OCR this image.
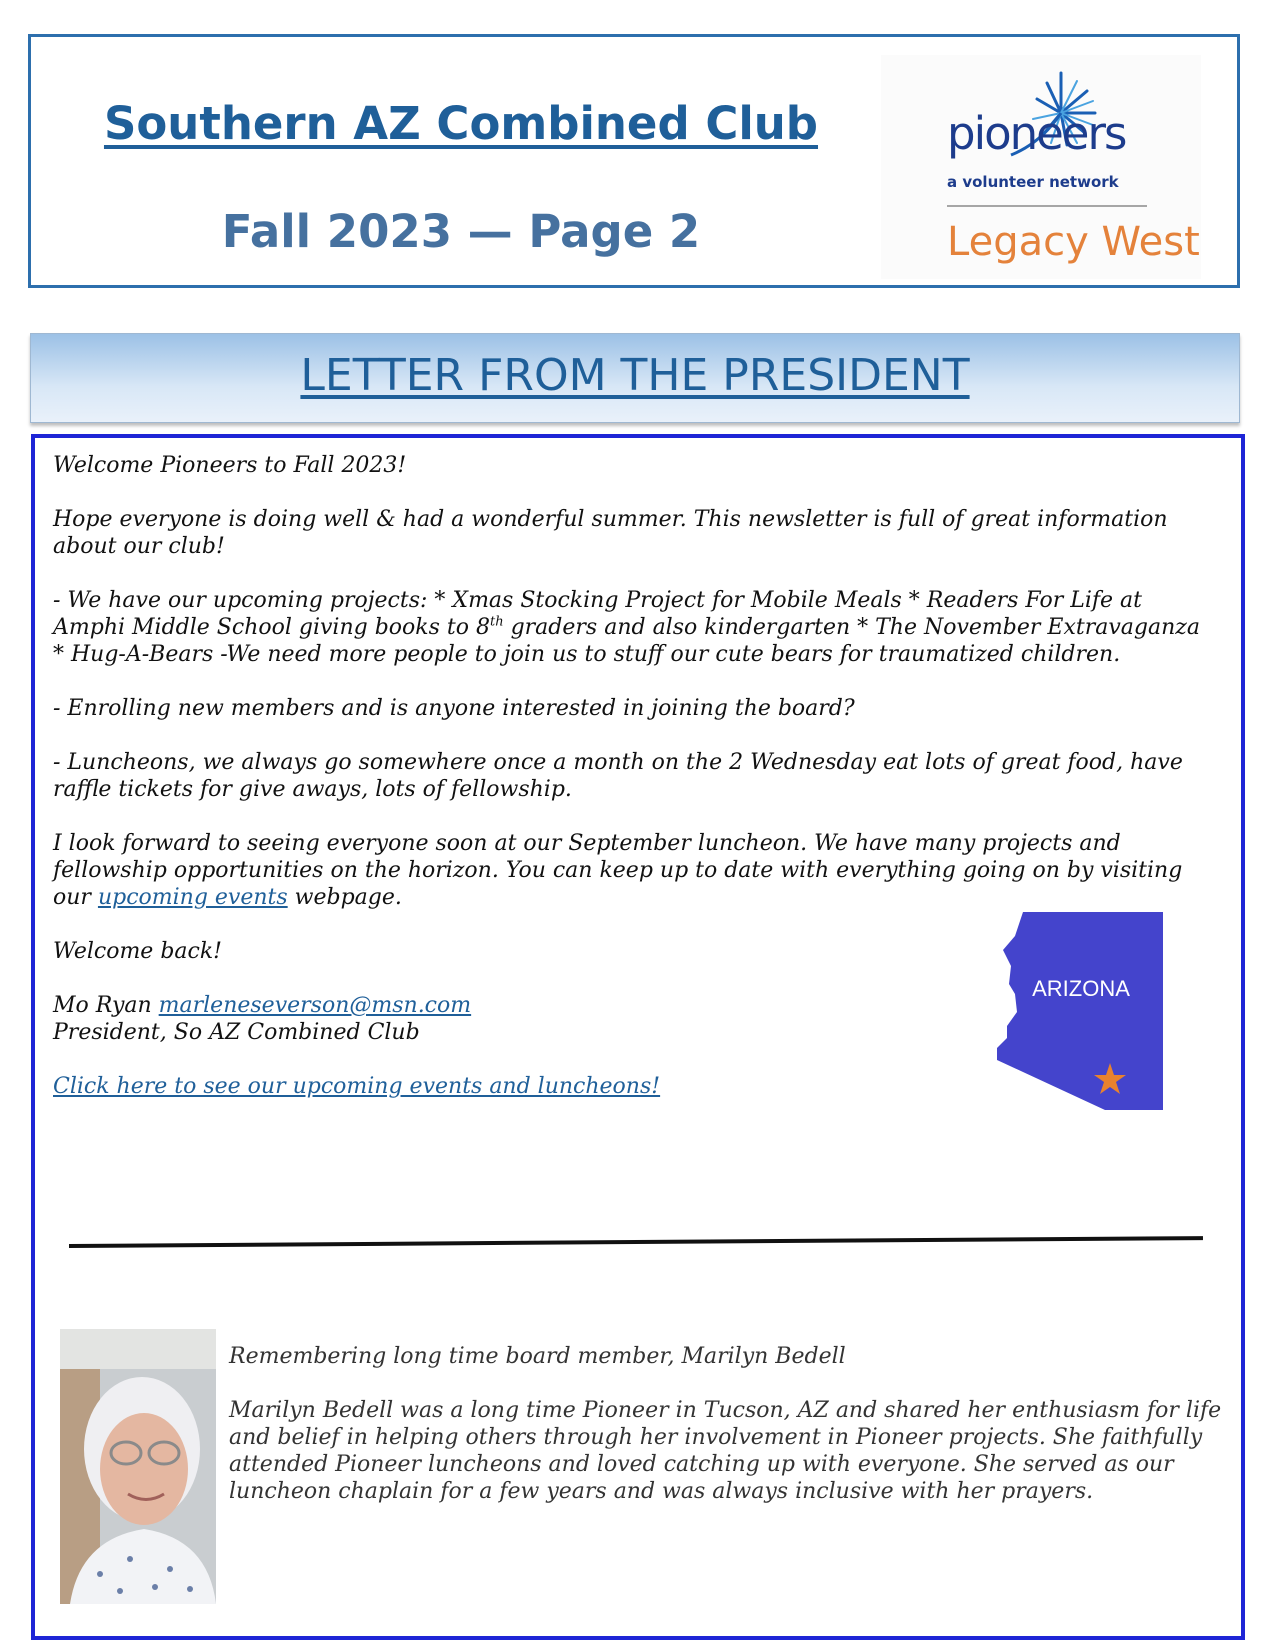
Southern AZ Combined Club
Fall 2023 — Page 2
pioneers
a volunteer network
Legacy West
LETTER FROM THE PRESIDENT

Welcome Pioneers to Fall 2023!

Hope everyone is doing well & had a wonderful summer. This newsletter is full of great information about our club!

- We have our upcoming projects: * Xmas Stocking Project for Mobile Meals * Readers For Life at Amphi Middle School giving books to 8th graders and also kindergarten * The November Extravaganza * Hug-A-Bears -We need more people to join us to stuff our cute bears for traumatized children.

- Enrolling new members and is anyone interested in joining the board?

- Luncheons, we always go somewhere once a month on the 2 Wednesday eat lots of great food, have raffle tickets for give aways, lots of fellowship.

I look forward to seeing everyone soon at our September luncheon. We have many projects and fellowship opportunities on the horizon. You can keep up to date with everything going on by visiting our upcoming events webpage.

Welcome back!

Mo Ryan marleneseverson@msn.com
President, So AZ Combined Club

Click here to see our upcoming events and luncheons!

ARIZONA

Remembering long time board member, Marilyn Bedell

Marilyn Bedell was a long time Pioneer in Tucson, AZ and shared her enthusiasm for life and belief in helping others through her involvement in Pioneer projects. She faithfully attended Pioneer luncheons and loved catching up with everyone. She served as our luncheon chaplain for a few years and was always inclusive with her prayers.
